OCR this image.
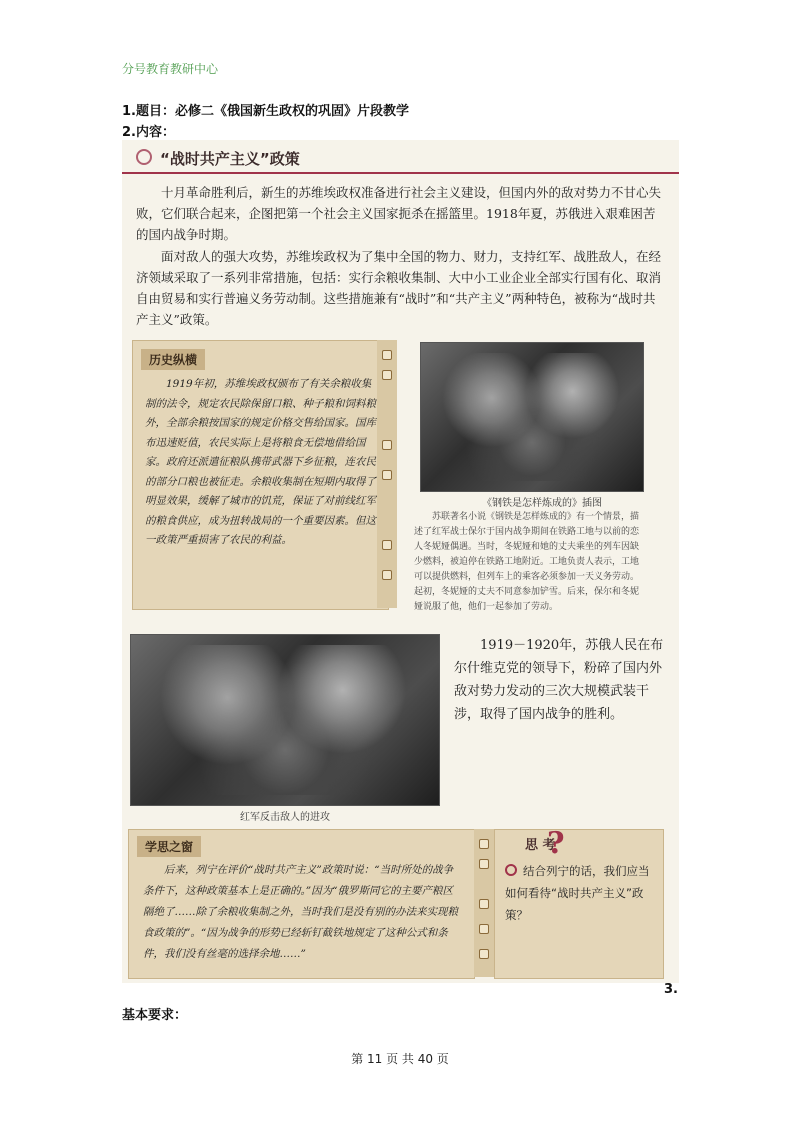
分号教育教研中心
1.题目：必修二《俄国新生政权的巩固》片段教学
2.内容：
“战时共产主义”政策
十月革命胜利后，新生的苏维埃政权准备进行社会主义建设，但国内外的敌对势力不甘心失败，它们联合起来，企图把第一个社会主义国家扼杀在摇篮里。1918年夏，苏俄进入艰难困苦的国内战争时期。
面对敌人的强大攻势，苏维埃政权为了集中全国的物力、财力，支持红军、战胜敌人，在经济领域采取了一系列非常措施，包括：实行余粮收集制、大中小工业企业全部实行国有化、取消自由贸易和实行普遍义务劳动制。这些措施兼有“战时”和“共产主义”两种特色，被称为“战时共产主义”政策。
历史纵横
1919年初，苏维埃政权颁布了有关余粮收集制的法令，规定农民除保留口粮、种子粮和饲料粮外，全部余粮按国家的规定价格交售给国家。国库布迅速贬值，农民实际上是将粮食无偿地借给国家。政府还派遣征粮队携带武器下乡征粮，连农民的部分口粮也被征走。余粮收集制在短期内取得了明显效果，缓解了城市的饥荒，保证了对前线红军的粮食供应，成为扭转战局的一个重要因素。但这一政策严重损害了农民的利益。
《钢铁是怎样炼成的》插图
苏联著名小说《钢铁是怎样炼成的》有一个情景，描述了红军战士保尔于国内战争期间在铁路工地与以前的恋人冬妮娅偶遇。当时，冬妮娅和她的丈夫乘坐的列车因缺少燃料，被迫停在铁路工地附近。工地负责人表示，工地可以提供燃料，但列车上的乘客必须参加一天义务劳动。起初，冬妮娅的丈夫不同意参加铲雪。后来，保尔和冬妮娅说服了他，他们一起参加了劳动。
红军反击敌人的进攻
1919－1920年，苏俄人民在布尔什维克党的领导下，粉碎了国内外敌对势力发动的三次大规模武装干涉，取得了国内战争的胜利。
学思之窗
后来，列宁在评价“战时共产主义”政策时说：“当时所处的战争条件下，这种政策基本上是正确的。”因为“俄罗斯同它的主要产粮区隔绝了……除了余粮收集制之外，当时我们是没有别的办法来实现粮食政策的”。“因为战争的形势已经斩钉截铁地规定了这种公式和条件，我们没有丝毫的选择余地……”
思 考
?
结合列宁的话，我们应当如何看待“战时共产主义”政策？
3.
基本要求：
第 11 页 共 40 页
